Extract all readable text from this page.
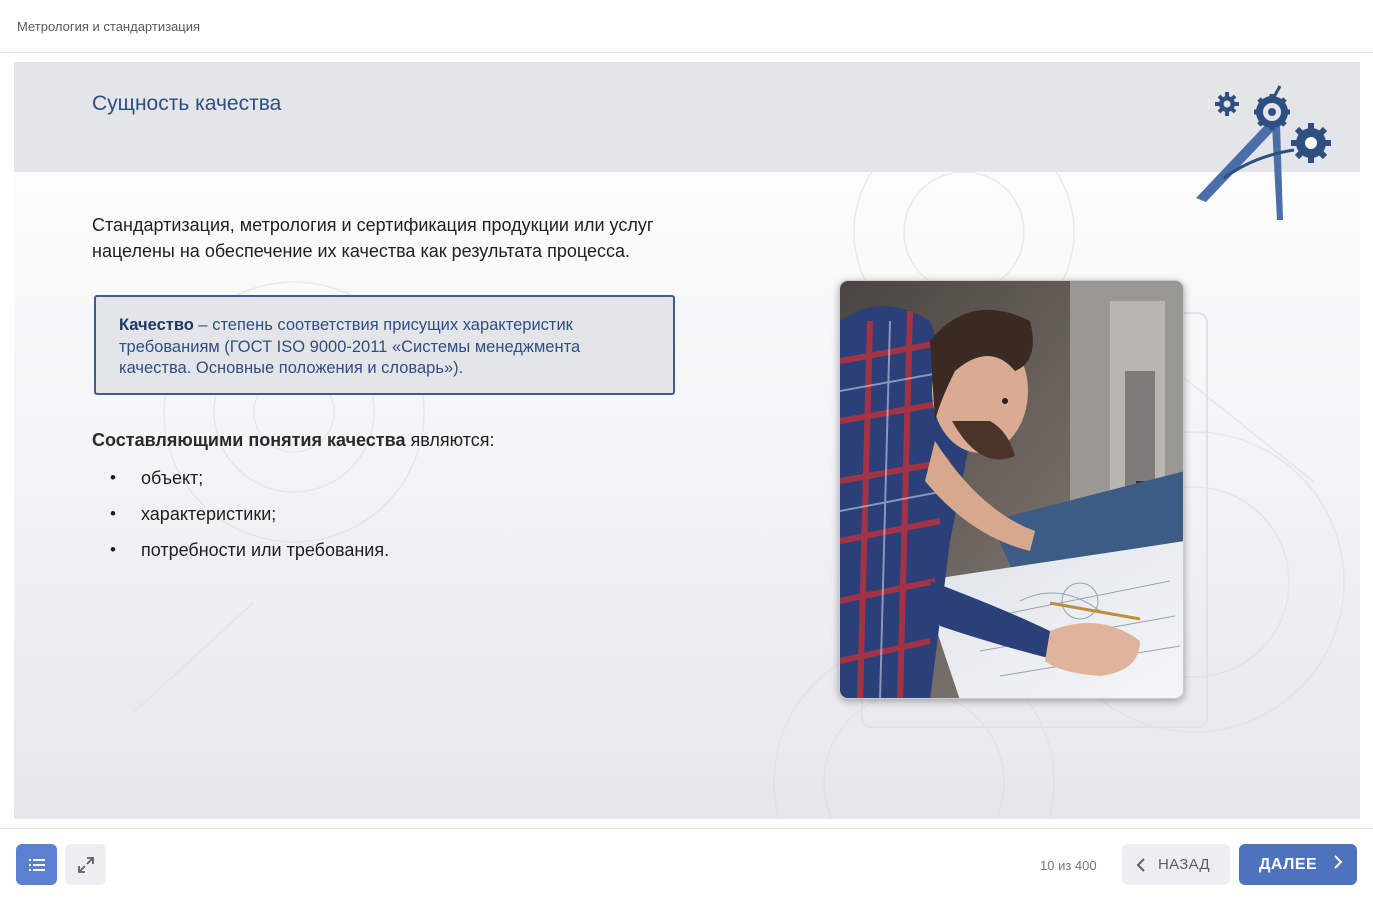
Метрология и стандартизация
Сущность качества
Стандартизация, метрология и сертификация продукции или услуг нацелены на обеспечение их качества как результата процесса.
Качество – степень соответствия присущих характеристик требованиям (ГОСТ ISO 9000-2011 «Системы менеджмента качества. Основные положения и словарь»).
Составляющими понятия качества являются:
• объект;
• характеристики;
• потребности или требования.
10 из 400	НАЗАД	ДАЛЕЕ
